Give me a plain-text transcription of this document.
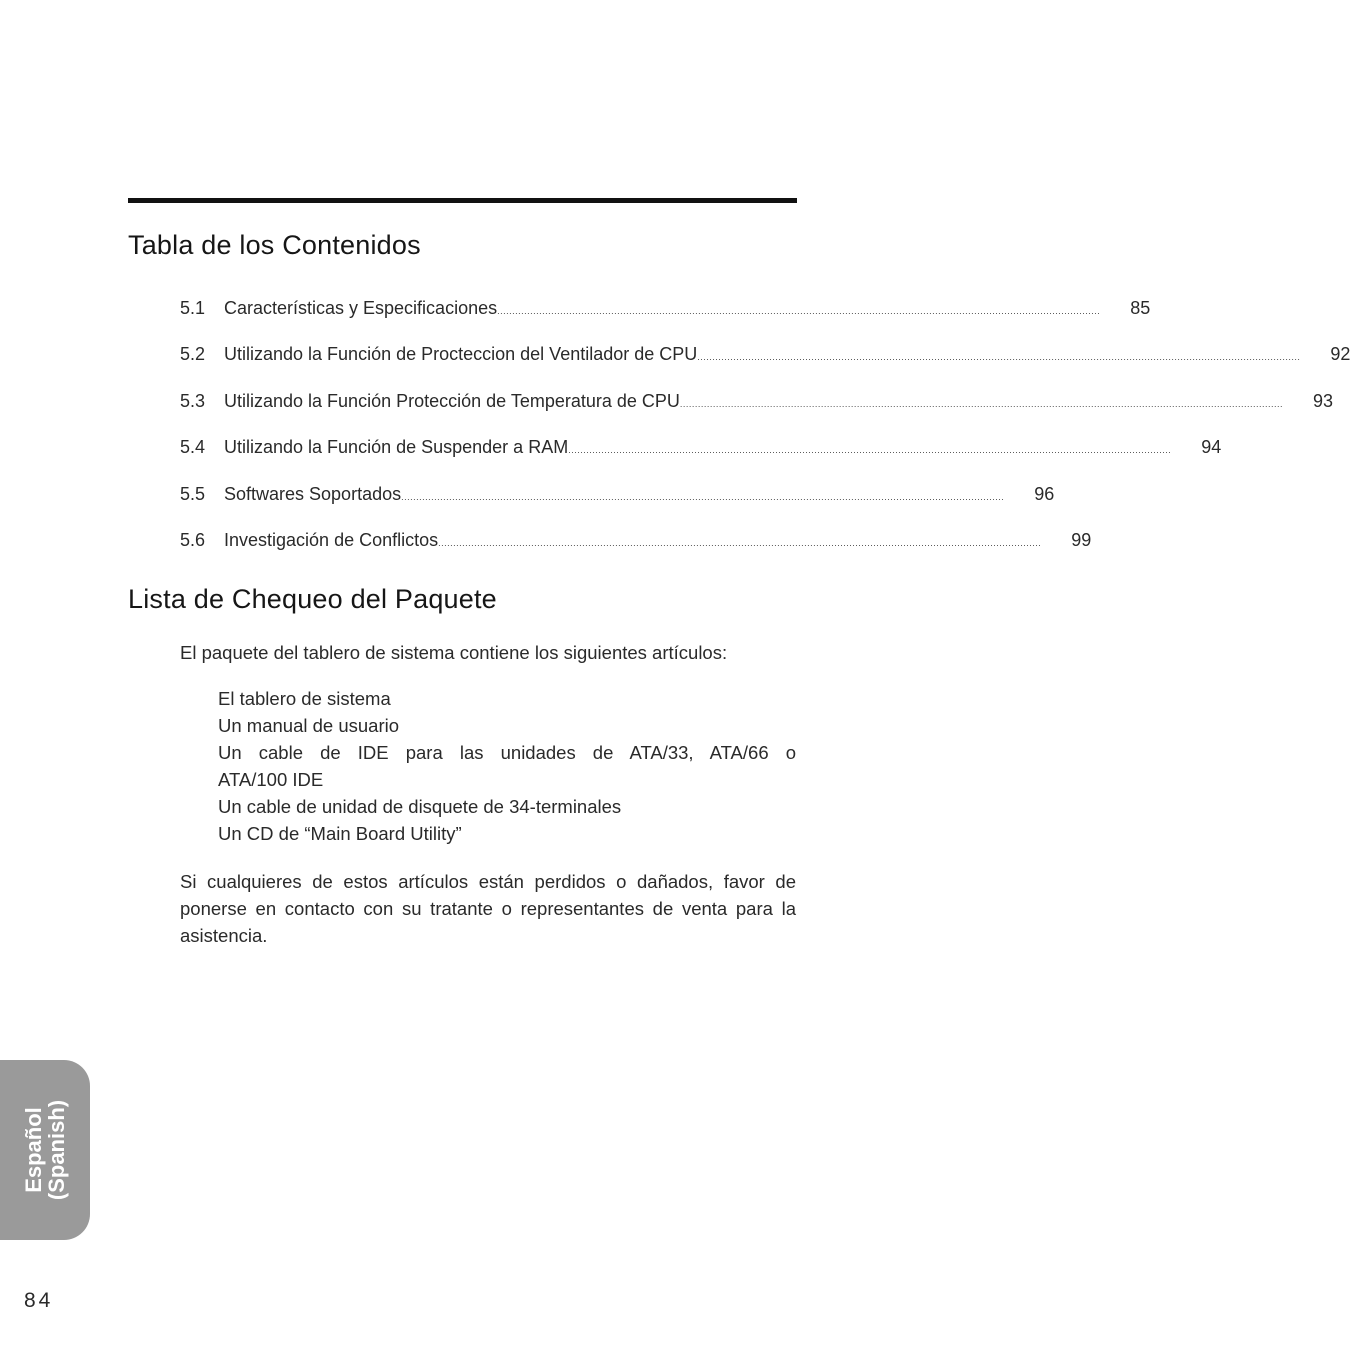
Tabla de los Contenidos
5.1	Características y Especificaciones .........................................................................................................................................................................................................	85
5.2	Utilizando la Función de Procteccion del Ventilador de CPU .........................................................................................................................................................................................................	92
5.3	Utilizando la Función Protección de Temperatura de CPU .........................................................................................................................................................................................................	93
5.4	Utilizando la Función de Suspender a RAM .........................................................................................................................................................................................................	94
5.5	Softwares Soportados .........................................................................................................................................................................................................	96
5.6	Investigación de Conflictos .........................................................................................................................................................................................................	99
Lista de Chequeo del Paquete

El paquete del tablero de sistema contiene los siguientes artículos:

El tablero de sistema
Un manual de usuario
Un cable de IDE para las unidades de ATA/33, ATA/66 o
ATA/100 IDE
Un cable de unidad de disquete de 34-terminales
Un CD de “Main Board Utility”

Si cualquieres de estos artículos están perdidos o dañados, favor de ponerse en contacto con su tratante o representantes de venta para la asistencia.

Español
(Spanish)
84
